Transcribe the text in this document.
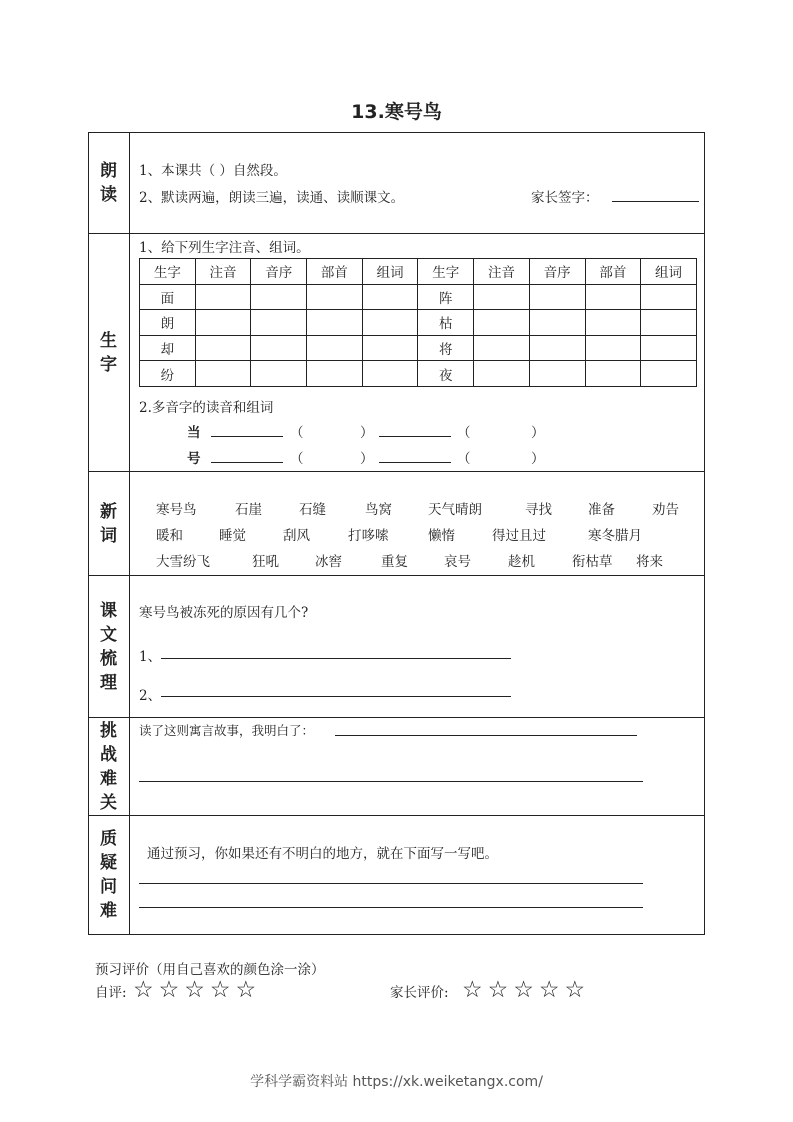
13.寒号鸟
朗
读
1、本课共（ ）自然段。
2、默读两遍，朗读三遍，读通、读顺课文。	家长签字：
生
字
1、给下列生字注音、组词。
生字	注音	音序	部首	组词	生字	注音	音序	部首	组词
面					阵				
朗					枯				
却					将				
纷					夜				
2.多音字的读音和组词
当	（	）	（	）
号	（	）	（	）
新
词
寒号鸟	石崖	石缝	鸟窝	天气晴朗	寻找	准备	劝告
暖和	睡觉	刮风	打哆嗦	懒惰	得过且过	寒冬腊月
大雪纷飞	狂吼	冰窖	重复	哀号	趁机	衔枯草 将来
课
文
梳
理
寒号鸟被冻死的原因有几个?
1、
2、
挑
战
难
关
读了这则寓言故事，我明白了：
质
疑
问
难
通过预习，你如果还有不明白的地方，就在下面写一写吧。
预习评价（用自己喜欢的颜色涂一涂）
自评: ☆ ☆ ☆ ☆ ☆	家长评价: ☆ ☆ ☆ ☆ ☆
学科学霸资料站 https://xk.weiketangx.com/
